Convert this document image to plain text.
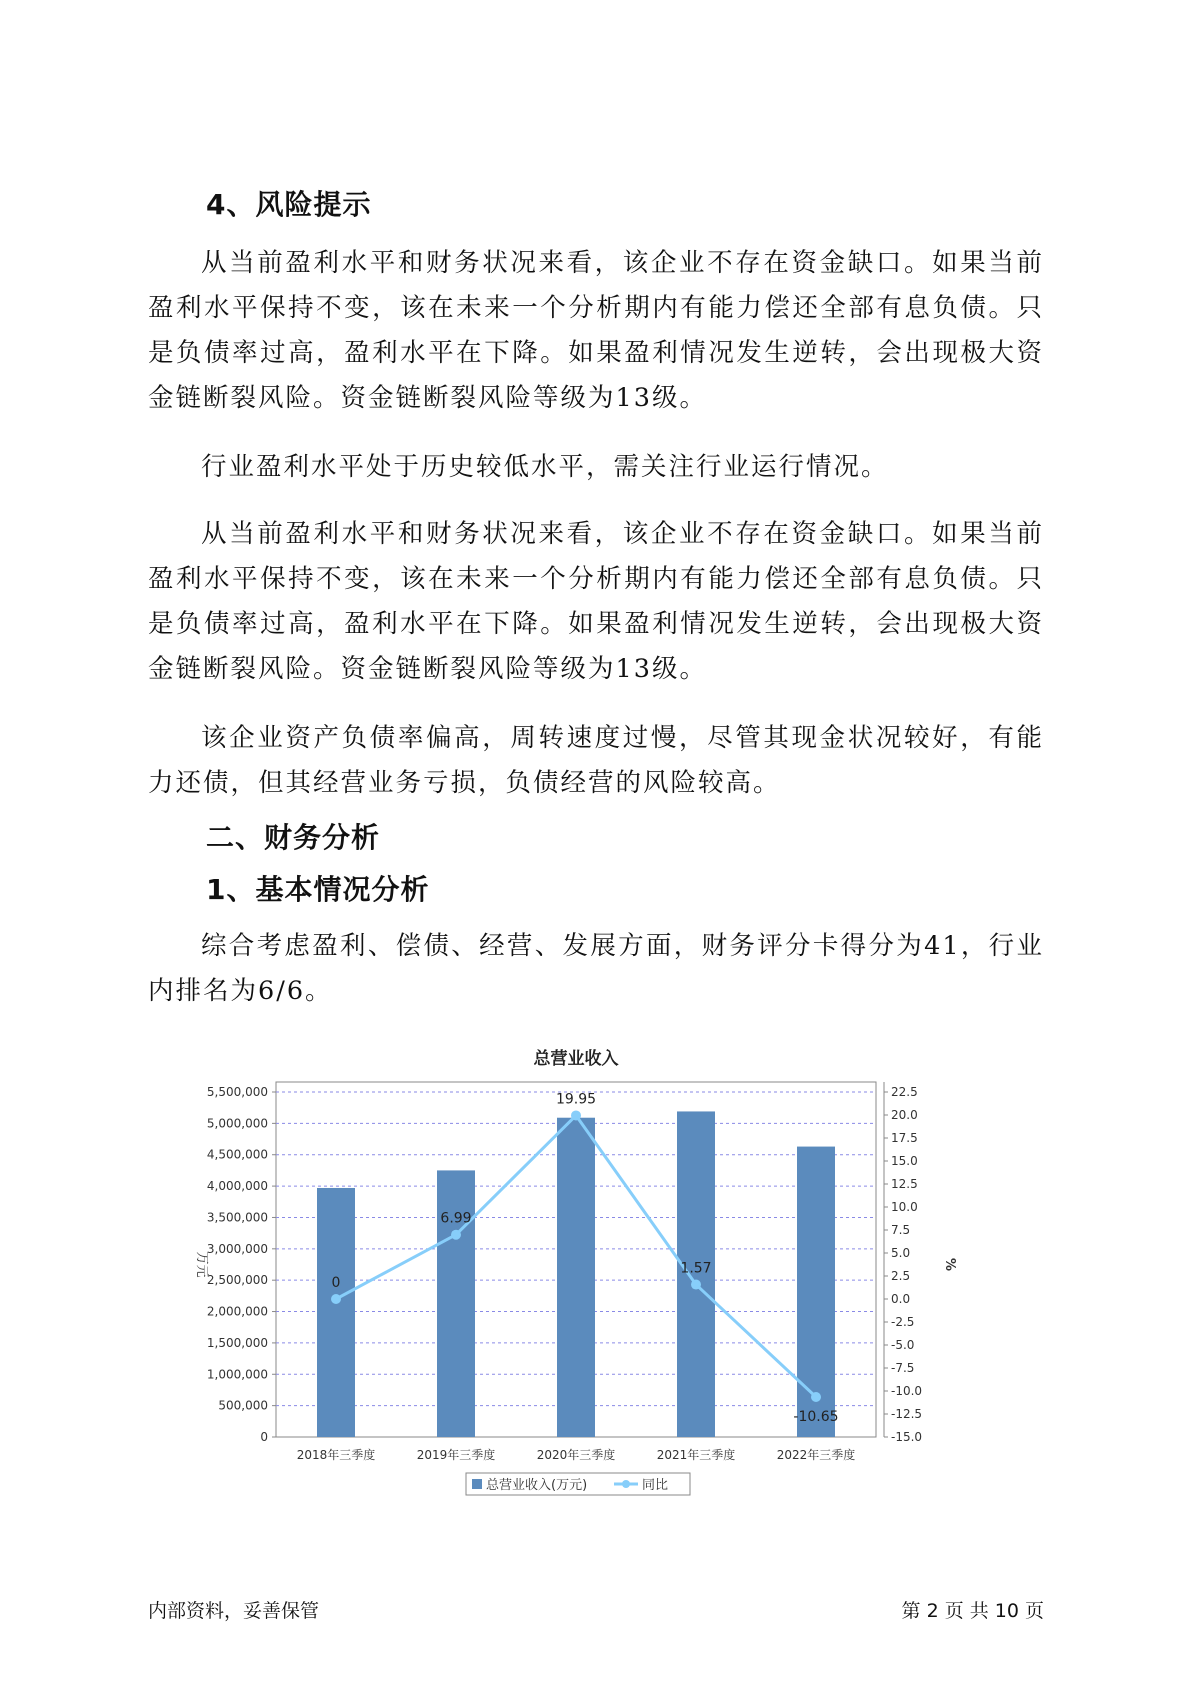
4、风险提示
从当前盈利水平和财务状况来看，该企业不存在资金缺口。如果当前盈利水平保持不变，该在未来一个分析期内有能力偿还全部有息负债。只是负债率过高，盈利水平在下降。如果盈利情况发生逆转，会出现极大资金链断裂风险。资金链断裂风险等级为13级。
行业盈利水平处于历史较低水平，需关注行业运行情况。
从当前盈利水平和财务状况来看，该企业不存在资金缺口。如果当前盈利水平保持不变，该在未来一个分析期内有能力偿还全部有息负债。只是负债率过高，盈利水平在下降。如果盈利情况发生逆转，会出现极大资金链断裂风险。资金链断裂风险等级为13级。
该企业资产负债率偏高，周转速度过慢，尽管其现金状况较好，有能力还债，但其经营业务亏损，负债经营的风险较高。
二、财务分析
1、基本情况分析
综合考虑盈利、偿债、经营、发展方面，财务评分卡得分为41，行业内排名为6/6。
总营业收入
0
500,000
1,000,000
1,500,000
2,000,000
2,500,000
3,000,000
3,500,000
4,000,000
4,500,000
5,000,000
5,500,000
万元
-15.0
-12.5
-10.0
-7.5
-5.0
-2.5
0.0
2.5
5.0
7.5
10.0
12.5
15.0
17.5
20.0
22.5
%
2018年三季度	2019年三季度	2020年三季度	2021年三季度	2022年三季度
0
6.99
19.95
1.57
-10.65
总营业收入(万元)	同比
内部资料，妥善保管	第 2 页 共 10 页
